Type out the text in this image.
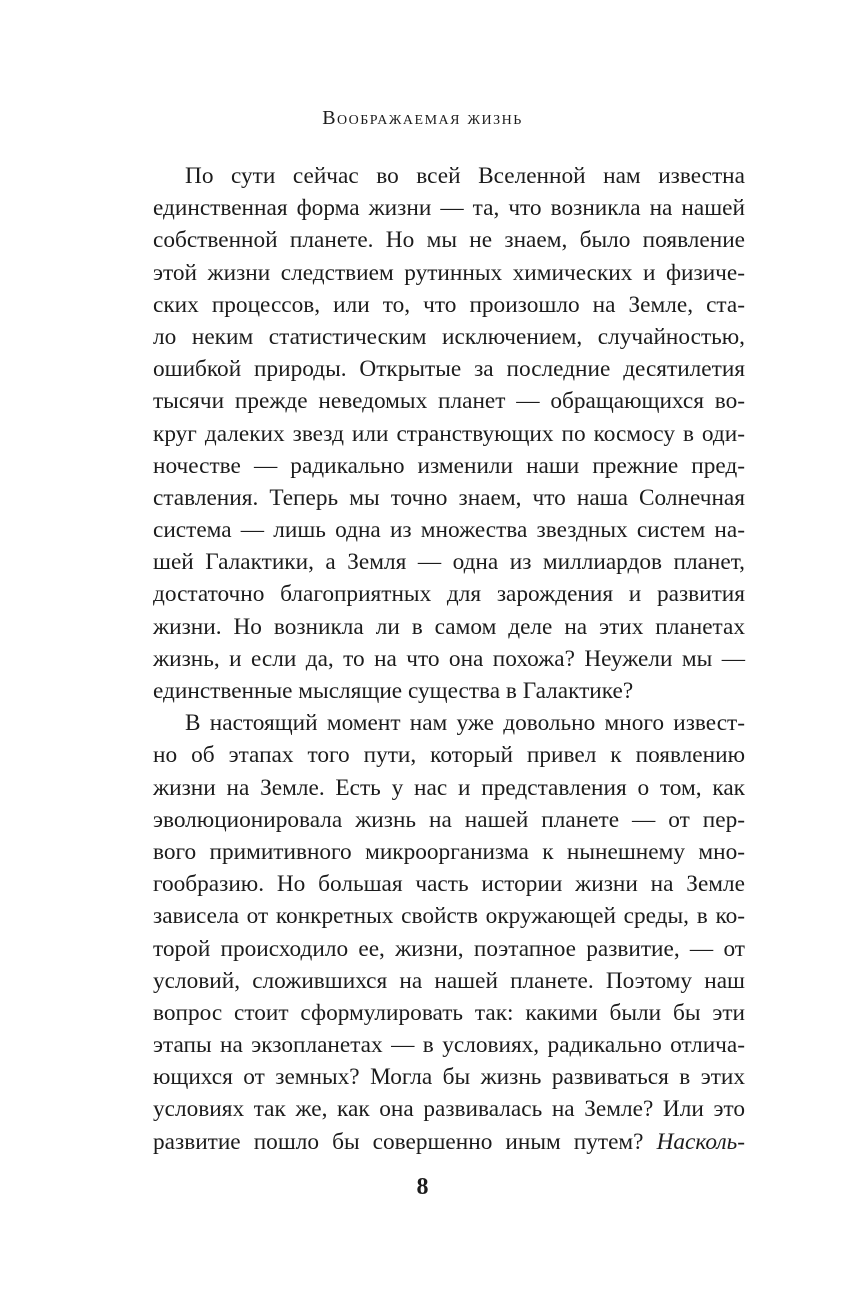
Воображаемая жизнь
По сути сейчас во всей Вселенной нам известна
единственная форма жизни — та, что возникла на нашей
собственной планете. Но мы не знаем, было появление
этой жизни следствием рутинных химических и физиче-
ских процессов, или то, что произошло на Земле, ста-
ло неким статистическим исключением, случайностью,
ошибкой природы. Открытые за последние десятилетия
тысячи прежде неведомых планет — обращающихся во-
круг далеких звезд или странствующих по космосу в оди-
ночестве — радикально изменили наши прежние пред-
ставления. Теперь мы точно знаем, что наша Солнечная
система — лишь одна из множества звездных систем на-
шей Галактики, а Земля — одна из миллиардов планет,
достаточно благоприятных для зарождения и развития
жизни. Но возникла ли в самом деле на этих планетах
жизнь, и если да, то на что она похожа? Неужели мы —
единственные мыслящие существа в Галактике?
В настоящий момент нам уже довольно много извест-
но об этапах того пути, который привел к появлению
жизни на Земле. Есть у нас и представления о том, как
эволюционировала жизнь на нашей планете — от пер-
вого примитивного микроорганизма к нынешнему мно-
гообразию. Но большая часть истории жизни на Земле
зависела от конкретных свойств окружающей среды, в ко-
торой происходило ее, жизни, поэтапное развитие, — от
условий, сложившихся на нашей планете. Поэтому наш
вопрос стоит сформулировать так: какими были бы эти
этапы на экзопланетах — в условиях, радикально отлича-
ющихся от земных? Могла бы жизнь развиваться в этих
условиях так же, как она развивалась на Земле? Или это
развитие пошло бы совершенно иным путем? Насколь-
8
